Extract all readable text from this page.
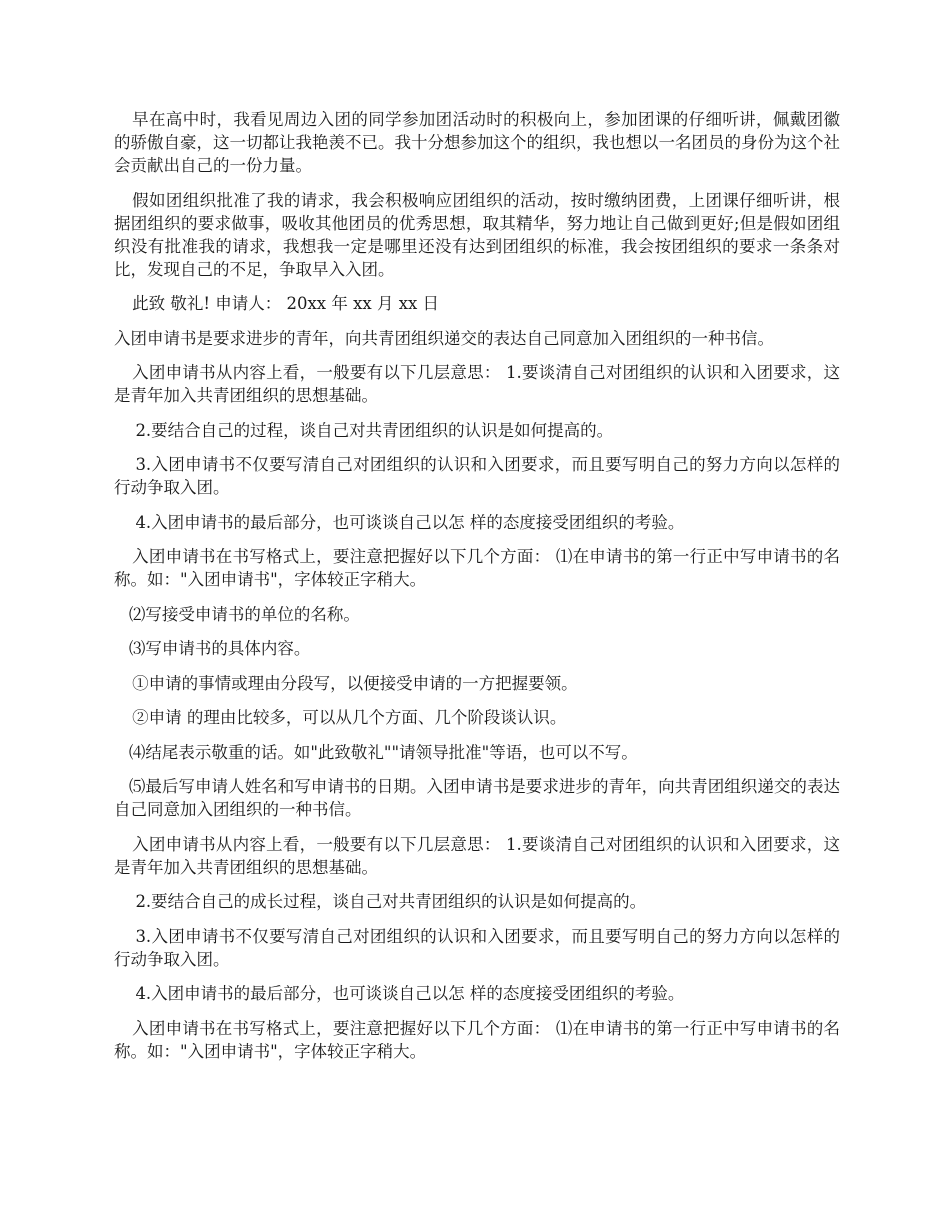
早在高中时，我看见周边入团的同学参加团活动时的积极向上，参加团课的仔细听讲，佩戴团徽的骄傲自豪，这一切都让我艳羡不已。我十分想参加这个的组织，我也想以一名团员的身份为这个社会贡献出自己的一份力量。

假如团组织批准了我的请求，我会积极响应团组织的活动，按时缴纳团费，上团课仔细听讲，根据团组织的要求做事，吸收其他团员的优秀思想，取其精华，努力地让自己做到更好;但是假如团组织没有批准我的请求，我想我一定是哪里还没有达到团组织的标准，我会按团组织的要求一条条对比，发现自己的不足，争取早入入团。

此致 敬礼! 申请人： 20xx 年 xx 月 xx 日

入团申请书是要求进步的青年，向共青团组织递交的表达自己同意加入团组织的一种书信。

入团申请书从内容上看，一般要有以下几层意思： 1.要谈清自己对团组织的认识和入团要求，这是青年加入共青团组织的思想基础。

2.要结合自己的过程，谈自己对共青团组织的认识是如何提高的。

3.入团申请书不仅要写清自己对团组织的认识和入团要求，而且要写明自己的努力方向以怎样的行动争取入团。

4.入团申请书的最后部分，也可谈谈自己以怎 样的态度接受团组织的考验。

入团申请书在书写格式上，要注意把握好以下几个方面： ⑴在申请书的第一行正中写申请书的名称。如："入团申请书"，字体较正字稍大。

⑵写接受申请书的单位的名称。

⑶写申请书的具体内容。

①申请的事情或理由分段写，以便接受申请的一方把握要领。

②申请 的理由比较多，可以从几个方面、几个阶段谈认识。

⑷结尾表示敬重的话。如"此致敬礼""请领导批准"等语，也可以不写。

⑸最后写申请人姓名和写申请书的日期。入团申请书是要求进步的青年，向共青团组织递交的表达自己同意加入团组织的一种书信。

入团申请书从内容上看，一般要有以下几层意思： 1.要谈清自己对团组织的认识和入团要求，这是青年加入共青团组织的思想基础。

2.要结合自己的成长过程，谈自己对共青团组织的认识是如何提高的。

3.入团申请书不仅要写清自己对团组织的认识和入团要求，而且要写明自己的努力方向以怎样的行动争取入团。

4.入团申请书的最后部分，也可谈谈自己以怎 样的态度接受团组织的考验。

入团申请书在书写格式上，要注意把握好以下几个方面： ⑴在申请书的第一行正中写申请书的名称。如："入团申请书"，字体较正字稍大。
